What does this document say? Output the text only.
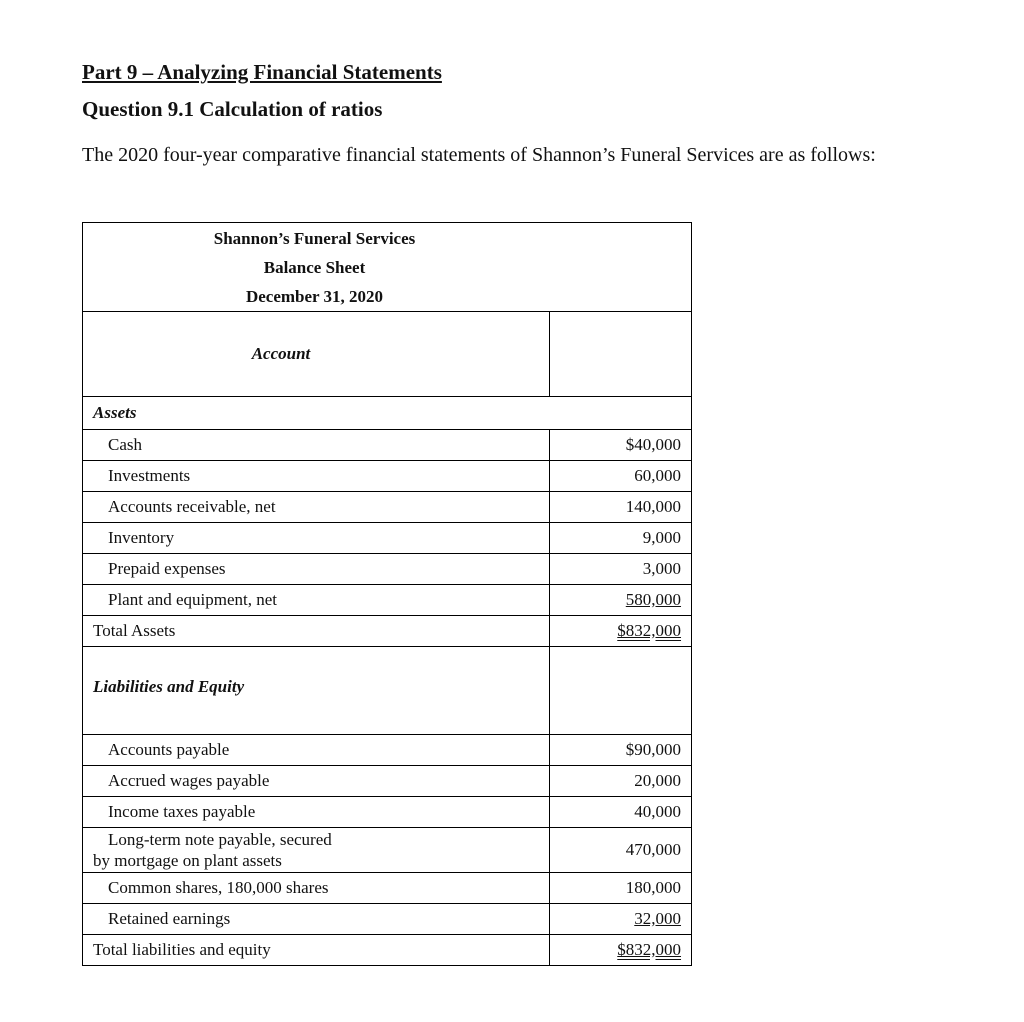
Part 9 – Analyzing Financial Statements
Question 9.1 Calculation of ratios
The 2020 four-year comparative financial statements of Shannon’s Funeral Services are as follows:
Shannon’s Funeral Services
Balance Sheet
December 31, 2020	

Account	
Assets	
Cash	$40,000
Investments	60,000
Accounts receivable, net	140,000
Inventory	9,000
Prepaid expenses	3,000
Plant and equipment, net	580,000
Total Assets	$832,000
Liabilities and Equity	
Accounts payable	$90,000
Accrued wages payable	20,000
Income taxes payable	40,000

Long-term note payable, secured
by mortgage on plant assets	470,000
Common shares, 180,000 shares	180,000
Retained earnings	32,000
Total liabilities and equity	$832,000
